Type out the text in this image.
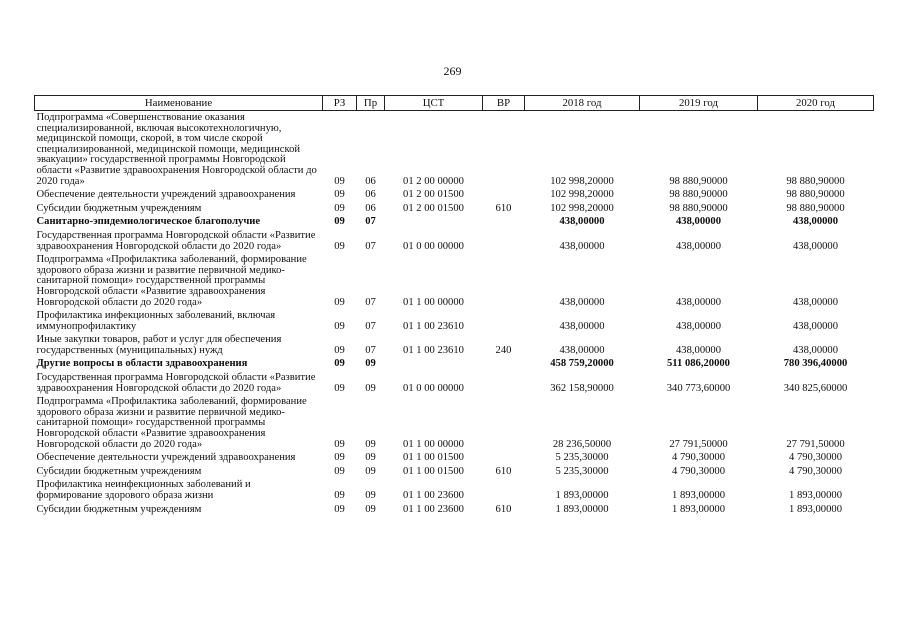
269
Наименование	РЗ	Пр	ЦСТ	ВР	2018 год	2019 год	2020 год
Подпрограмма «Совершенствование оказания специализированной, включая высокотехнологичную, медицинской помощи, скорой, в том числе скорой специализированной, медицинской помощи, медицинской эвакуации» государственной программы Новгородской области «Развитие здравоохранения Новгородской области до 2020 года»	09	06	01 2 00 00000		102 998,20000	98 880,90000	98 880,90000
Обеспечение деятельности учреждений здравоохранения	09	06	01 2 00 01500		102 998,20000	98 880,90000	98 880,90000
Субсидии бюджетным учреждениям	09	06	01 2 00 01500	610	102 998,20000	98 880,90000	98 880,90000
Санитарно-эпидемиологическое благополучие	09	07			438,00000	438,00000	438,00000
Государственная программа Новгородской области «Развитие здравоохранения Новгородской области до 2020 года»	09	07	01 0 00 00000		438,00000	438,00000	438,00000
Подпрограмма «Профилактика заболеваний, формирование здорового образа жизни и развитие первичной медико-санитарной помощи» государственной программы Новгородской области «Развитие здравоохранения Новгородской области до 2020 года»	09	07	01 1 00 00000		438,00000	438,00000	438,00000
Профилактика инфекционных заболеваний, включая иммунопрофилактику	09	07	01 1 00 23610		438,00000	438,00000	438,00000
Иные закупки товаров, работ и услуг для обеспечения государственных (муниципальных) нужд	09	07	01 1 00 23610	240	438,00000	438,00000	438,00000
Другие вопросы в области здравоохранения	09	09			458 759,20000	511 086,20000	780 396,40000
Государственная программа Новгородской области «Развитие здравоохранения Новгородской области до 2020 года»	09	09	01 0 00 00000		362 158,90000	340 773,60000	340 825,60000
Подпрограмма «Профилактика заболеваний, формирование здорового образа жизни и развитие первичной медико-санитарной помощи» государственной программы Новгородской области «Развитие здравоохранения Новгородской области до 2020 года»	09	09	01 1 00 00000		28 236,50000	27 791,50000	27 791,50000
Обеспечение деятельности учреждений здравоохранения	09	09	01 1 00 01500		5 235,30000	4 790,30000	4 790,30000
Субсидии бюджетным учреждениям	09	09	01 1 00 01500	610	5 235,30000	4 790,30000	4 790,30000
Профилактика неинфекционных заболеваний и формирование здорового образа жизни	09	09	01 1 00 23600		1 893,00000	1 893,00000	1 893,00000
Субсидии бюджетным учреждениям	09	09	01 1 00 23600	610	1 893,00000	1 893,00000	1 893,00000
